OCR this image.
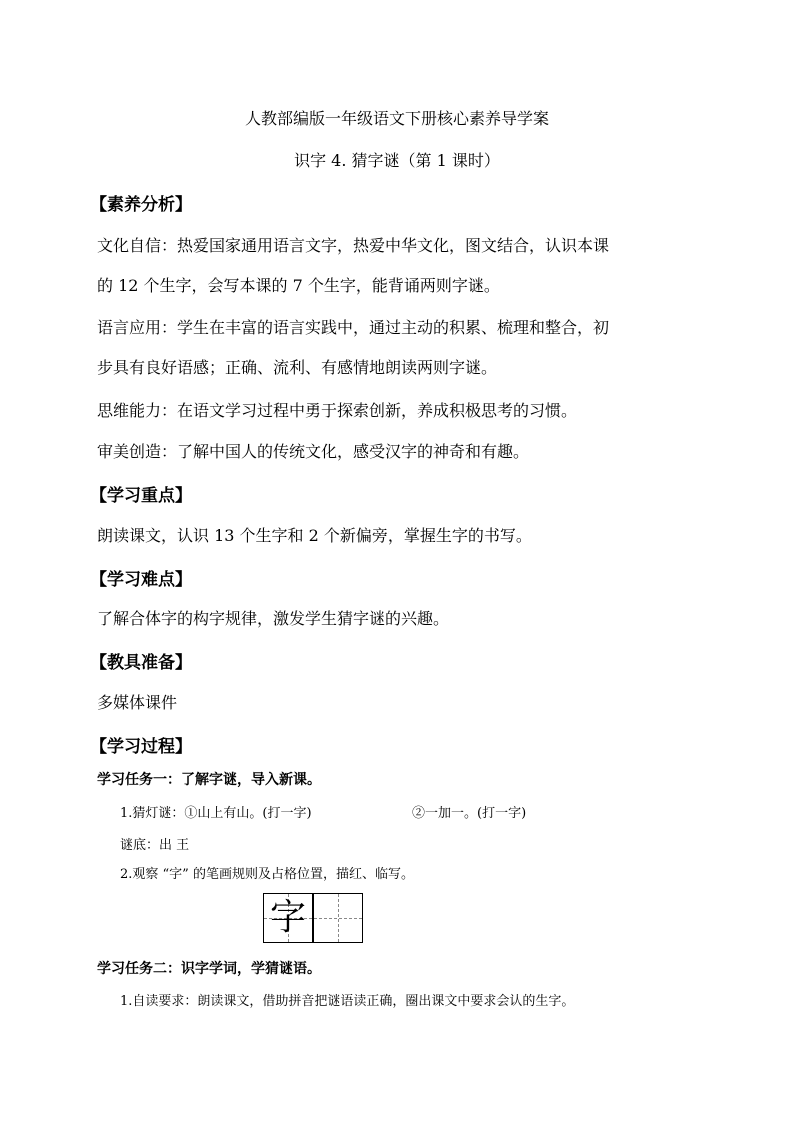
人教部编版一年级语文下册核心素养导学案
识字 4. 猜字谜（第 1 课时）
【素养分析】
文化自信：热爱国家通用语言文字，热爱中华文化，图文结合，认识本课
的 12 个生字，会写本课的 7 个生字，能背诵两则字谜。
语言应用：学生在丰富的语言实践中，通过主动的积累、梳理和整合，初
步具有良好语感；正确、流利、有感情地朗读两则字谜。
思维能力：在语文学习过程中勇于探索创新，养成积极思考的习惯。
审美创造：了解中国人的传统文化，感受汉字的神奇和有趣。
【学习重点】
朗读课文，认识 13 个生字和 2 个新偏旁，掌握生字的书写。
【学习难点】
了解合体字的构字规律，激发学生猜字谜的兴趣。
【教具准备】
多媒体课件
【学习过程】
学习任务一：了解字谜，导入新课。
1.猜灯谜：①山上有山。(打一字)	②一加一。(打一字)
谜底：出 王
2.观察 “字” 的笔画规则及占格位置，描红、临写。
字
学习任务二：识字学词，学猜谜语。
1.自读要求：朗读课文，借助拼音把谜语读正确，圈出课文中要求会认的生字。
